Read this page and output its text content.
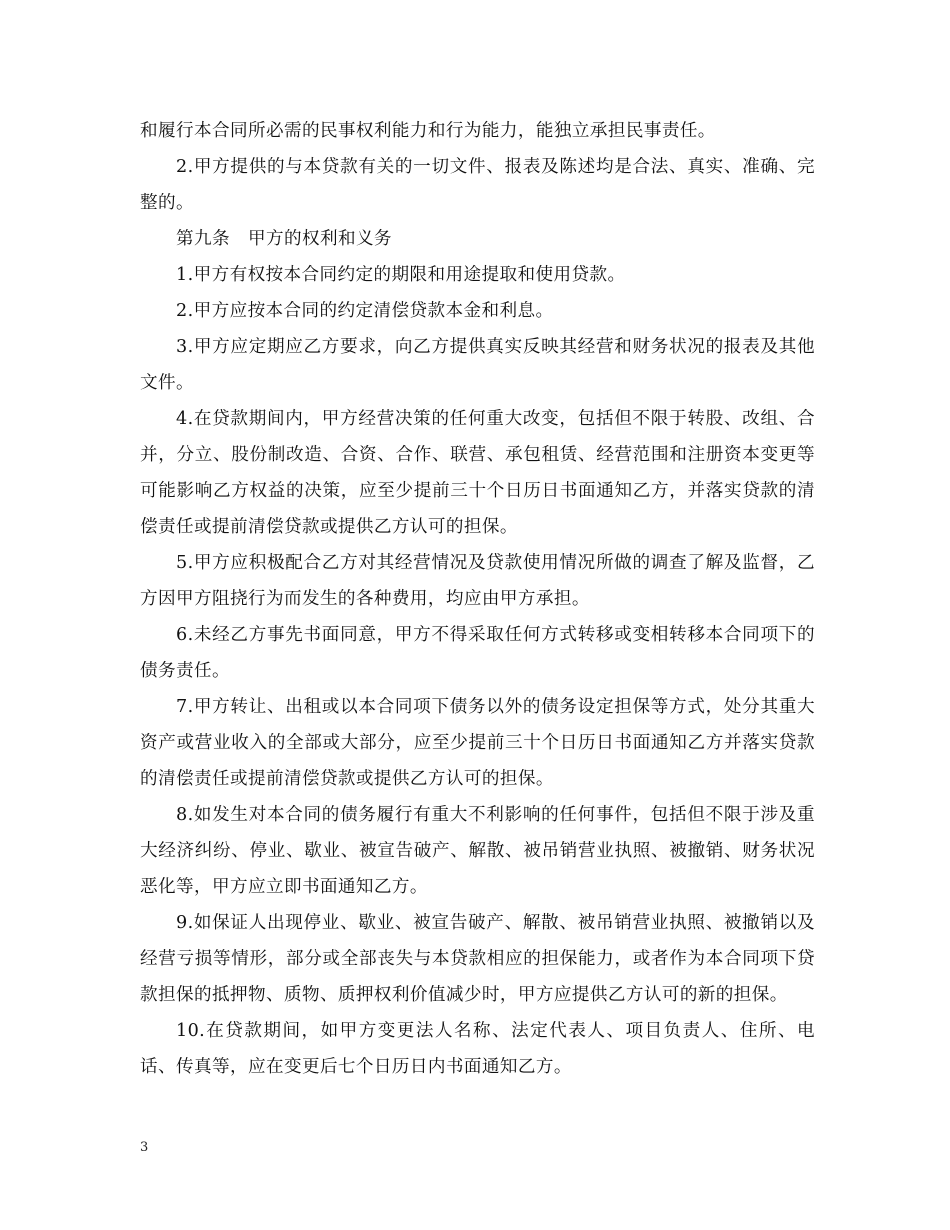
和履行本合同所必需的民事权利能力和行为能力，能独立承担民事责任。

2.甲方提供的与本贷款有关的一切文件、报表及陈述均是合法、真实、准确、完整的。

第九条　甲方的权利和义务

1.甲方有权按本合同约定的期限和用途提取和使用贷款。

2.甲方应按本合同的约定清偿贷款本金和利息。

3.甲方应定期应乙方要求，向乙方提供真实反映其经营和财务状况的报表及其他文件。

4.在贷款期间内，甲方经营决策的任何重大改变，包括但不限于转股、改组、合并，分立、股份制改造、合资、合作、联营、承包租赁、经营范围和注册资本变更等可能影响乙方权益的决策，应至少提前三十个日历日书面通知乙方，并落实贷款的清偿责任或提前清偿贷款或提供乙方认可的担保。

5.甲方应积极配合乙方对其经营情况及贷款使用情况所做的调查了解及监督，乙方因甲方阻挠行为而发生的各种费用，均应由甲方承担。

6.未经乙方事先书面同意，甲方不得采取任何方式转移或变相转移本合同项下的债务责任。

7.甲方转让、出租或以本合同项下债务以外的债务设定担保等方式，处分其重大资产或营业收入的全部或大部分，应至少提前三十个日历日书面通知乙方并落实贷款的清偿责任或提前清偿贷款或提供乙方认可的担保。

8.如发生对本合同的债务履行有重大不利影响的任何事件，包括但不限于涉及重大经济纠纷、停业、歇业、被宣告破产、解散、被吊销营业执照、被撤销、财务状况恶化等，甲方应立即书面通知乙方。

9.如保证人出现停业、歇业、被宣告破产、解散、被吊销营业执照、被撤销以及经营亏损等情形，部分或全部丧失与本贷款相应的担保能力，或者作为本合同项下贷款担保的抵押物、质物、质押权利价值减少时，甲方应提供乙方认可的新的担保。

10.在贷款期间，如甲方变更法人名称、法定代表人、项目负责人、住所、电话、传真等，应在变更后七个日历日内书面通知乙方。

3
